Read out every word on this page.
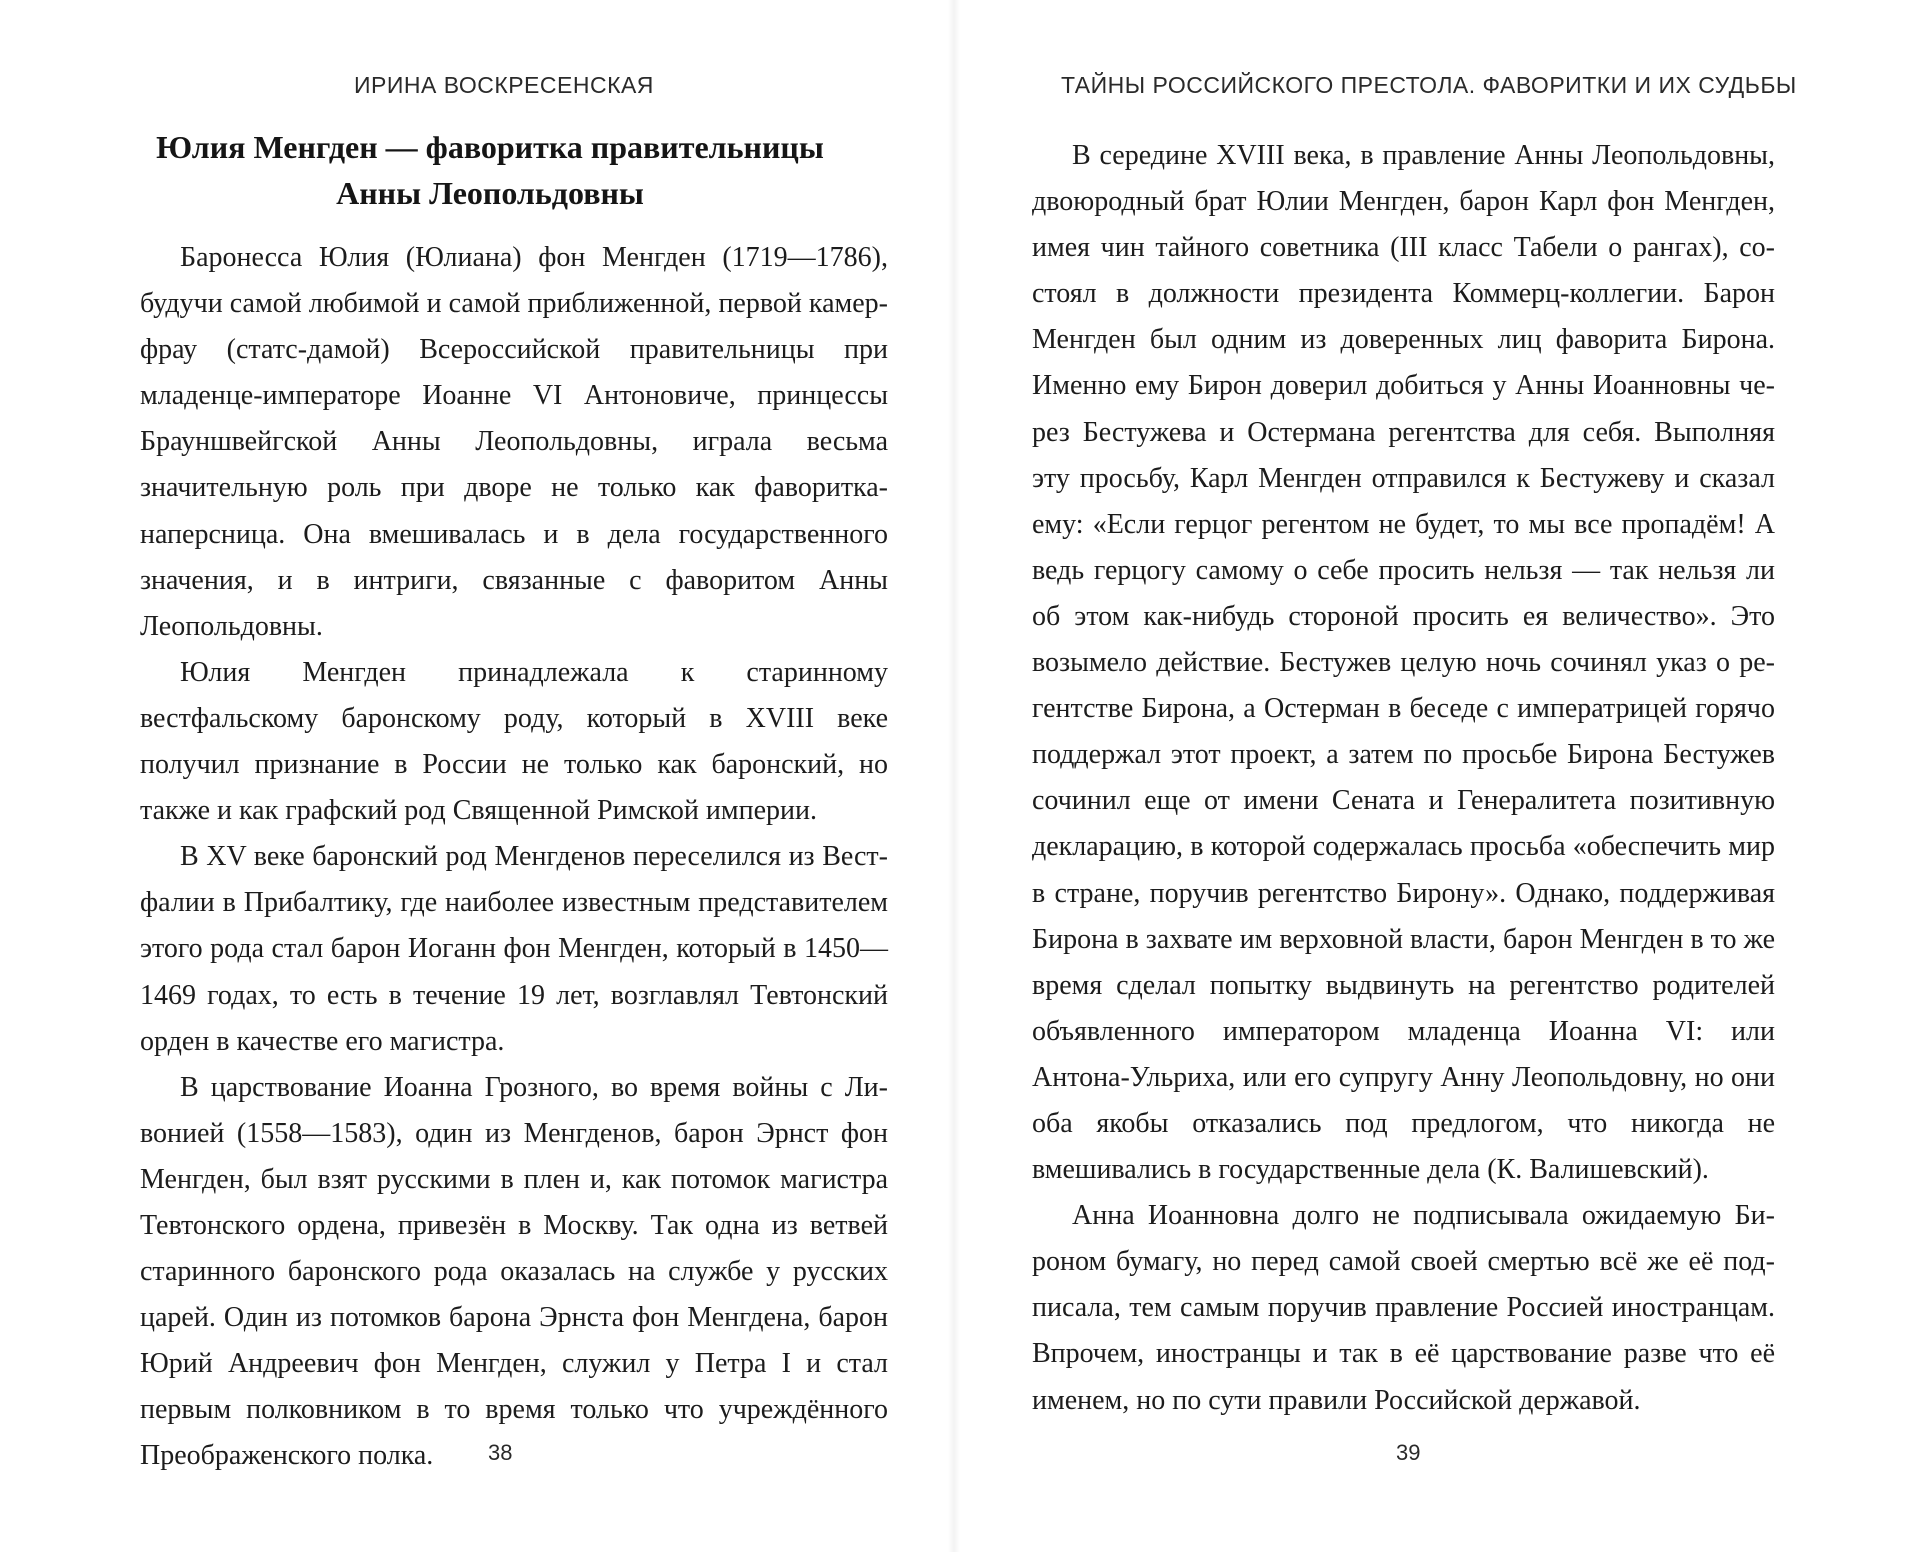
ИРИНА ВОСКРЕСЕНСКАЯ
Юлия Менгден — фаворитка правительницы
Анны Леопольдовны

Баронесса Юлия (Юлиана) фон Менгден (1719—1786), будучи самой любимой и самой приближенной, первой камер-фрау (статс-дамой) Всероссийской правительницы при младенце-императоре Иоанне VI Антоновиче, принцессы Брауншвейгской Анны Леопольдовны, играла весьма значительную роль при дворе не только как фаворитка-наперсница. Она вмешивалась и в дела государственного значения, и в интриги, связанные с фаворитом Анны Леопольдовны.

Юлия Менгден принадлежала к старинному вестфальскому баронскому роду, который в XVIII веке получил признание в России не только как баронский, но также и как графский род Священной Римской империи.

В XV веке баронский род Менгденов переселился из Вестфалии в Прибалтику, где наиболее известным представителем этого рода стал барон Иоганн фон Менгден, который в 1450—1469 годах, то есть в течение 19 лет, возглавлял Тевтонский орден в качестве его магистра.

В царствование Иоанна Грозного, во время войны с Ливонией (1558—1583), один из Менгденов, барон Эрнст фон Менгден, был взят русскими в плен и, как потомок магистра Тевтонского ордена, привезён в Москву. Так одна из ветвей старинного баронского рода оказалась на службе у русских царей. Один из потомков барона Эрнста фон Менгдена, барон Юрий Андреевич фон Менгден, служил у Петра I и стал первым полковником в то время только что учреждённого Преображенского полка.	38
ТАЙНЫ РОССИЙСКОГО ПРЕСТОЛА. ФАВОРИТКИ И ИХ СУДЬБЫ

В середине XVIII века, в правление Анны Леопольдовны, двоюродный брат Юлии Менгден, барон Карл фон Менгден, имея чин тайного советника (III класс Табели о рангах), состоял в должности президента Коммерц-коллегии. Барон Менгден был одним из доверенных лиц фаворита Бирона. Именно ему Бирон доверил добиться у Анны Иоанновны через Бестужева и Остермана регентства для себя. Выполняя эту просьбу, Карл Менгден отправился к Бестужеву и сказал ему: «Если герцог регентом не будет, то мы все пропадём! А ведь герцогу самому о себе просить нельзя — так нельзя ли об этом как-нибудь стороной просить ея величество». Это возымело действие. Бестужев целую ночь сочинял указ о регентстве Бирона, а Остерман в беседе с императрицей горячо поддержал этот проект, а затем по просьбе Бирона Бестужев сочинил еще от имени Сената и Генералитета позитивную декларацию, в которой содержалась просьба «обеспечить мир в стране, поручив регентство Бирону». Однако, поддерживая Бирона в захвате им верховной власти, барон Менгден в то же время сделал попытку выдвинуть на регентство родителей объявленного императором младенца Иоанна VI: или Антона-Ульриха, или его супругу Анну Леопольдовну, но они оба якобы отказались под предлогом, что никогда не вмешивались в государственные дела (К. Валишевский).

Анна Иоанновна долго не подписывала ожидаемую Бироном бумагу, но перед самой своей смертью всё же её подписала, тем самым поручив правление Россией иностранцам. Впрочем, иностранцы и так в её царствование разве что её именем, но по сути правили Российской державой.

39
